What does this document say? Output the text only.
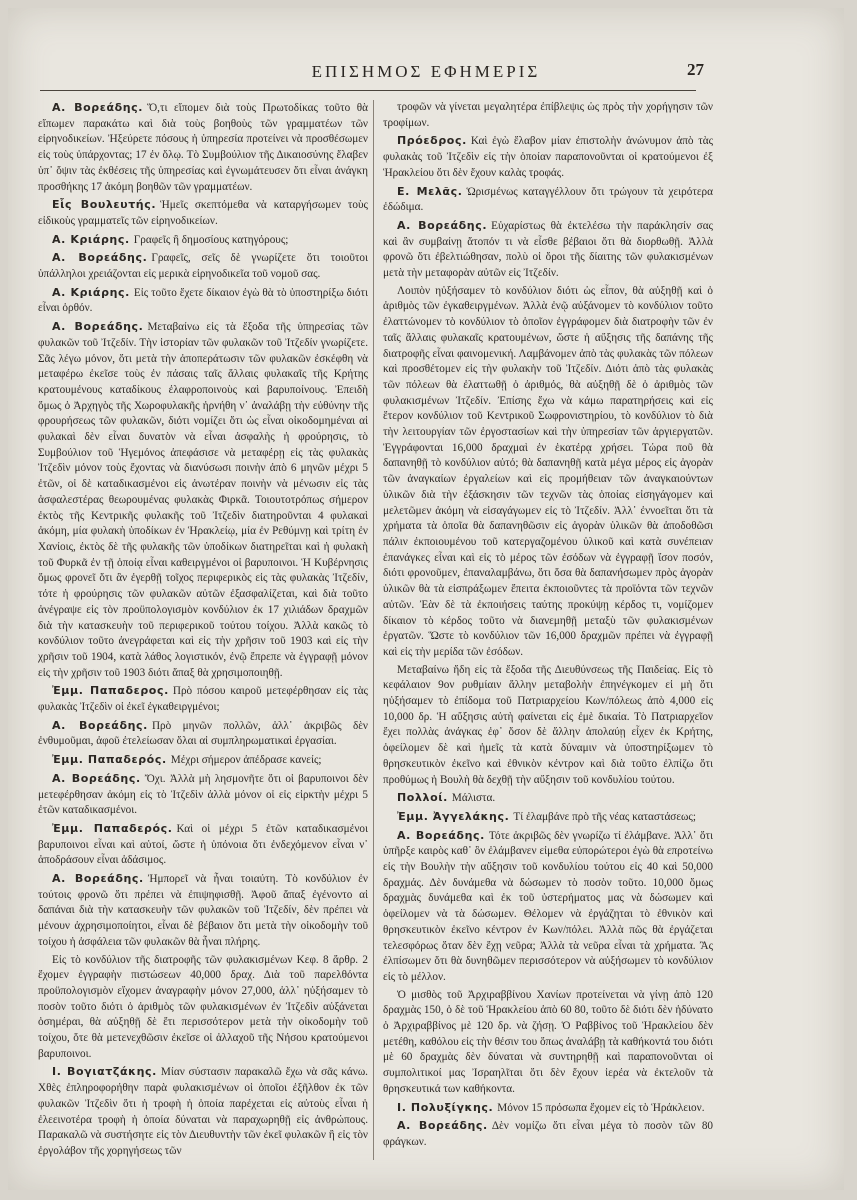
ΕΠΙΣΗΜΟΣ ΕΦΗΜΕΡΙΣ	27

Α. Βορεάδης. Ὅ,τι εἴπομεν διὰ τοὺς Πρωτοδίκας τοῦτο θὰ εἴπωμεν παρακάτω καὶ διὰ τοὺς βοηθοὺς τῶν γραμματέων τῶν εἰρηνοδικείων. Ἠξεύρετε πόσους ἡ ὑπηρεσία προτείνει νὰ προσθέσωμεν εἰς τοὺς ὑπάρχοντας; 17 ἐν ὅλῳ. Τὸ Συμβούλιον τῆς Δικαιοσύνης ἔλαβεν ὑπ᾽ ὄψιν τὰς ἐκθέσεις τῆς ὑπηρεσίας καὶ ἐγνωμάτευσεν ὅτι εἶναι ἀνάγκη προσθήκης 17 ἀκόμη βοηθῶν τῶν γραμματέων.

Εἷς Βουλευτής. Ἡμεῖς σκεπτόμεθα νὰ καταργήσωμεν τοὺς εἰδικοὺς γραμματεῖς τῶν εἰρηνοδικείων.

Α. Κριάρης. Γραφεῖς ἢ δημοσίους κατηγόρους;

Α. Βορεάδης. Γραφεῖς, σεῖς δὲ γνωρίζετε ὅτι τοιοῦτοι ὑπάλληλοι χρειάζονται εἰς μερικὰ εἰρηνοδικεῖα τοῦ νομοῦ σας.

Α. Κριάρης. Εἰς τοῦτο ἔχετε δίκαιον ἐγὼ θὰ τὸ ὑποστηρίξω διότι εἶναι ὀρθόν.

Α. Βορεάδης. Μεταβαίνω εἰς τὰ ἔξοδα τῆς ὑπηρεσίας τῶν φυλακῶν τοῦ Ἰτζεδίν. Τὴν ἱστορίαν τῶν φυλακῶν τοῦ Ἰτζεδίν γνωρίζετε. Σᾶς λέγω μόνον, ὅτι μετὰ τὴν ἀποπεράτωσιν τῶν φυλακῶν ἐσκέφθη νὰ μεταφέρω ἐκεῖσε τοὺς ἐν πάσαις ταῖς ἄλλαις φυλακαῖς τῆς Κρήτης κρατουμένους καταδίκους ἐλαφροποινοὺς καὶ βαρυποίνους. Ἐπειδὴ ὅμως ὁ Ἀρχηγὸς τῆς Χωροφυλακῆς ἠρνήθη ν᾽ ἀναλάβῃ τὴν εὐθύνην τῆς φρουρήσεως τῶν φυλακῶν, διότι νομίζει ὅτι ὡς εἶναι οἰκοδομημέναι αἱ φυλακαὶ δὲν εἶναι δυνατὸν νὰ εἶναι ἀσφαλὴς ἡ φρούρησις, τὸ Συμβούλιον τοῦ Ἡγεμόνος ἀπεφάσισε νὰ μεταφέρῃ εἰς τὰς φυλακὰς Ἰτζεδὶν μόνον τοὺς ἔχοντας νὰ διανύσωσι ποινὴν ἀπὸ 6 μηνῶν μέχρι 5 ἐτῶν, οἱ δὲ καταδικασμένοι εἰς ἀνωτέραν ποινὴν νὰ μένωσιν εἰς τὰς ἀσφαλεστέρας θεωρουμένας φυλακὰς Φιρκᾶ. Τοιουτοτρόπως σήμερον ἐκτὸς τῆς Κεντρικῆς φυλακῆς τοῦ Ἰτζεδὶν διατηροῦνται 4 φυλακαὶ ἀκόμη, μία φυλακὴ ὑποδίκων ἐν Ἡρακλείῳ, μία ἐν Ρεθύμνῃ καὶ τρίτη ἐν Χανίοις, ἐκτὸς δὲ τῆς φυλακῆς τῶν ὑποδίκων διατηρεῖται καὶ ἡ φυλακὴ τοῦ Φυρκᾶ ἐν τῇ ὁποίᾳ εἶναι καθειργμένοι οἱ βαρυποινοι. Ἡ Κυβέρνησις ὅμως φρονεῖ ὅτι ἂν ἐγερθῇ τοῖχος περιφερικὸς εἰς τὰς φυλακὰς Ἰτζεδίν, τότε ἡ φρούρησις τῶν φυλακῶν αὐτῶν ἐξασφαλίζεται, καὶ διὰ τοῦτο ἀνέγραψε εἰς τὸν προϋπολογισμὸν κονδύλιον ἐκ 17 χιλιάδων δραχμῶν διὰ τὴν κατασκευὴν τοῦ περιφερικοῦ τούτου τοίχου. Ἀλλὰ κακῶς τὸ κονδύλιον τοῦτο ἀνεγράφεται καὶ εἰς τὴν χρῆσιν τοῦ 1903 καὶ εἰς τὴν χρῆσιν τοῦ 1904, κατὰ λάθος λογιστικόν, ἐνῷ ἔπρεπε νὰ ἐγγραφῇ μόνον εἰς τὴν χρῆσιν τοῦ 1903 διότι ἅπαξ θὰ χρησιμοποιηθῇ.

Ἐμμ. Παπαδερος. Πρὸ πόσου καιροῦ μετεφέρθησαν εἰς τὰς φυλακὰς Ἰτζεδὶν οἱ ἐκεῖ ἐγκαθειργμένοι;

Α. Βορεάδης. Πρὸ μηνῶν πολλῶν, ἀλλ᾽ ἀκριβῶς δὲν ἐνθυμοῦμαι, ἀφοῦ ἐτελείωσαν ὅλαι αἱ συμπληρωματικαὶ ἐργασίαι.

Ἐμμ. Παπαδερός. Μέχρι σήμερον ἀπέδρασε κανείς;

Α. Βορεάδης. Ὄχι. Ἀλλὰ μὴ λησμονῆτε ὅτι οἱ βαρυποινοι δὲν μετεφέρθησαν ἀκόμη εἰς τὸ Ἰτζεδὶν ἀλλὰ μόνον οἱ εἰς εἱρκτὴν μέχρι 5 ἐτῶν καταδικασμένοι.

Ἐμμ. Παπαδερός. Καὶ οἱ μέχρι 5 ἐτῶν καταδικασμένοι βαρυποινοι εἶναι καὶ αὐτοί, ὥστε ἡ ὑπόνοια ὅτι ἐνδεχόμενον εἶναι ν᾽ ἀποδράσουν εἶναι ἀδάσιμος.

Α. Βορεάδης. Ἠμπορεῖ νὰ ἦναι τοιαύτη. Τὸ κονδύλιον ἐν τούτοις φρονῶ ὅτι πρέπει νὰ ἐπιψηφισθῇ. Ἀφοῦ ἅπαξ ἐγένοντο αἱ δαπάναι διὰ τὴν κατασκευὴν τῶν φυλακῶν τοῦ Ἰτζεδίν, δὲν πρέπει νὰ μένουν ἀχρησιμοποίητοι, εἶναι δὲ βέβαιον ὅτι μετὰ τὴν οἰκοδομὴν τοῦ τοίχου ἡ ἀσφάλεια τῶν φυλακῶν θὰ ἦναι πλήρης.

Εἰς τὸ κονδύλιον τῆς διατροφῆς τῶν φυλακισμένων Κεφ. 8 ἄρθρ. 2 ἔχομεν ἐγγραφὴν πιστώσεων 40,000 δραχ. Διὰ τοῦ παρελθόντα προϋπολογισμὸν εἴχομεν ἀναγραφὴν μόνον 27,000, ἀλλ᾽ ηὐξήσαμεν τὸ ποσὸν τοῦτο διότι ὁ ἀριθμὸς τῶν φυλακισμένων ἐν Ἰτζεδὶν αὐξάνεται ὁσημέραι, θὰ αὐξηθῇ δὲ ἔτι περισσότερον μετὰ τὴν οἰκοδομὴν τοῦ τοίχου, ὅτε θὰ μετενεχθῶσιν ἐκεῖσε οἱ ἀλλαχοῦ τῆς Νήσου κρατούμενοι βαρυποινοι.

Ι. Βογιατζάκης. Μίαν σύστασιν παρακαλῶ ἔχω νὰ σᾶς κάνω. Χθὲς ἐπληροφορήθην παρὰ φυλακισμένων οἱ ὁποῖοι ἐξῆλθον ἐκ τῶν φυλακῶν Ἰτζεδὶν ὅτι ἡ τροφὴ ἡ ὁποία παρέχεται εἰς αὐτοὺς εἶναι ἡ ἐλεεινοτέρα τροφὴ ἡ ὁποία δύναται νὰ παραχωρηθῇ εἰς ἀνθρώπους. Παρακαλῶ νὰ συστήσητε εἰς τὸν Διευθυντὴν τῶν ἐκεῖ φυλακῶν ἢ εἰς τὸν ἐργολάβον τῆς χορηγήσεως τῶν

τροφῶν νὰ γίνεται μεγαλητέρα ἐπίβλεψις ὡς πρὸς τὴν χορήγησιν τῶν τροφίμων.

Πρόεδρος. Καὶ ἐγὼ ἔλαβον μίαν ἐπιστολὴν ἀνώνυμον ἀπὸ τὰς φυλακὰς τοῦ Ἰτζεδὶν εἰς τὴν ὁποίαν παραπονοῦνται οἱ κρατούμενοι ἐξ Ἡρακλείου ὅτι δὲν ἔχουν καλὰς τροφάς.

Ε. Μελᾶς. Ὡρισμένως καταγγέλλουν ὅτι τρώγουν τὰ χειρότερα ἐδώδιμα.

Α. Βορεάδης. Εὐχαρίστως θὰ ἐκτελέσω τὴν παράκλησίν σας καὶ ἂν συμβαίνῃ ἄτοπόν τι νὰ εἶσθε βέβαιοι ὅτι θὰ διορθωθῇ. Ἀλλὰ φρονῶ ὅτι ἐβελτιώθησαν, πολὺ οἱ ὅροι τῆς δίαιτης τῶν φυλακισμένων μετὰ τὴν μεταφορὰν αὐτῶν εἰς Ἰτζεδίν.

Λοιπὸν ηὐξήσαμεν τὸ κονδύλιον διότι ὡς εἶπον, θὰ αὐξηθῇ καὶ ὁ ἀριθμὸς τῶν ἐγκαθειργμένων. Ἀλλὰ ἐνῷ αὐξάνομεν τὸ κονδύλιον τοῦτο ἐλαττώνομεν τὸ κονδύλιον τὸ ὁποῖον ἐγγράφομεν διὰ διατροφὴν τῶν ἐν ταῖς ἄλλαις φυλακαῖς κρατουμένων, ὥστε ἡ αὔξησις τῆς δαπάνης τῆς διατροφῆς εἶναι φαινομενική. Λαμβάνομεν ἀπὸ τὰς φυλακὰς τῶν πόλεων καὶ προσθέτομεν εἰς τὴν φυλακὴν τοῦ Ἰτζεδίν. Διότι ἀπὸ τὰς φυλακὰς τῶν πόλεων θὰ ἐλαττωθῇ ὁ ἀριθμός, θὰ αὐξηθῇ δὲ ὁ ἀριθμὸς τῶν φυλακισμένων Ἰτζεδίν. Ἐπίσης ἔχω νὰ κάμω παρατηρήσεις καὶ εἰς ἕτερον κονδύλιον τοῦ Κεντρικοῦ Σωφρονιστηρίου, τὸ κονδύλιον τὸ διὰ τὴν λειτουργίαν τῶν ἐργοστασίων καὶ τὴν ὑπηρεσίαν τῶν ἀργιεργατῶν. Ἐγγράφονται 16,000 δραχμαὶ ἐν ἑκατέρᾳ χρήσει. Τώρα ποῦ θὰ δαπανηθῇ τὸ κονδύλιον αὐτό; θὰ δαπανηθῇ κατὰ μέγα μέρος εἰς ἀγορὰν τῶν ἀναγκαίων ἐργαλείων καὶ εἰς προμήθειαν τῶν ἀναγκαιούντων ὑλικῶν διὰ τὴν ἐξάσκησιν τῶν τεχνῶν τὰς ὁποίας εἰσηγάγομεν καὶ μελετῶμεν ἀκόμη νὰ εἰσαγάγωμεν εἰς τὸ Ἰτζεδίν. Ἀλλ᾽ ἐννοεῖται ὅτι τὰ χρήματα τὰ ὁποῖα θὰ δαπανηθῶσιν εἰς ἀγορὰν ὑλικῶν θὰ ἀποδοθῶσι πάλιν ἐκποιουμένου τοῦ κατεργαζομένου ὑλικοῦ καὶ κατὰ συνέπειαν ἐπανάγκες εἶναι καὶ εἰς τὸ μέρος τῶν ἐσόδων νὰ ἐγγραφῇ ἴσον ποσόν, διότι φρονοῦμεν, ἐπαναλαμβάνω, ὅτι ὅσα θὰ δαπανήσωμεν πρὸς ἀγορὰν ὑλικῶν θὰ τὰ εἰσπράξωμεν ἔπειτα ἐκποιοῦντες τὰ προϊόντα τῶν τεχνῶν αὐτῶν. Ἐὰν δὲ τὰ ἐκποιήσεις ταύτης προκύψῃ κέρδος τι, νομίζομεν δίκαιον τὸ κέρδος τοῦτο νὰ διανεμηθῇ μεταξὺ τῶν φυλακισμένων ἐργατῶν. Ὥστε τὸ κονδύλιον τῶν 16,000 δραχμῶν πρέπει νὰ ἐγγραφῇ καὶ εἰς τὴν μερίδα τῶν ἐσόδων.

Μεταβαίνω ἤδη εἰς τὰ ἔξοδα τῆς Διευθύνσεως τῆς Παιδείας. Εἰς τὸ κεφάλαιον 9ον ρυθμίαιν ἄλλην μεταβολὴν ἐπηνέγκομεν εἰ μὴ ὅτι ηὐξήσαμεν τὸ ἐπίδομα τοῦ Πατριαρχείου Κων/πόλεως ἀπὸ 4,000 εἰς 10,000 δρ. Ἡ αὔξησις αὐτὴ φαίνεται εἰς ἐμὲ δικαία. Τὸ Πατριαρχεῖον ἔχει πολλὰς ἀνάγκας ἐφ᾽ ὅσον δὲ ἄλλην ἀπολαύῃ εἶχεν ἐκ Κρήτης, ὀφείλομεν δὲ καὶ ἡμεῖς τὰ κατὰ δύναμιν νὰ ὑποστηρίξωμεν τὸ θρησκευτικὸν ἐκεῖνο καὶ ἐθνικὸν κέντρον καὶ διὰ τοῦτο ἐλπίζω ὅτι προθύμως ἡ Βουλὴ θὰ δεχθῇ τὴν αὔξησιν τοῦ κονδυλίου τούτου.

Πολλοί. Μάλιστα.

Ἐμμ. Ἀγγελάκης. Τί ἐλαμβάνε πρὸ τῆς νέας καταστάσεως;

Α. Βορεάδης. Τότε ἀκριβῶς δὲν γνωρίζω τί ἐλάμβανε. Ἀλλ᾽ ὅτι ὑπῆρξε καιρὸς καθ᾽ ὃν ἐλάμβανεν εἰμεθα εὐπορώτεροι ἐγὼ θὰ επροτείνω εἰς τὴν Βουλὴν τὴν αὔξησιν τοῦ κονδυλίου τούτου εἰς 40 καὶ 50,000 δραχμάς. Δὲν δυνάμεθα νὰ δώσωμεν τὸ ποσὸν τοῦτο. 10,000 ὅμως δραχμὰς δυνάμεθα καὶ ἐκ τοῦ ὑστερήματος μας νὰ δώσωμεν καὶ ὀφείλομεν νὰ τὰ δώσωμεν. Θέλομεν νὰ ἐργάζηται τὸ ἐθνικὸν καὶ θρησκευτικὸν ἐκεῖνο κέντρον ἐν Κων/πόλει. Ἀλλὰ πῶς θὰ ἐργάζεται τελεσφόρως ὅταν δὲν ἔχῃ νεῦρα; Ἀλλὰ τὰ νεῦρα εἶναι τὰ χρήματα. Ἂς ἐλπίσωμεν ὅτι θὰ δυνηθῶμεν περισσότερον νὰ αὐξήσωμεν τὸ κονδύλιον εἰς τὸ μέλλον.

Ὁ μισθὸς τοῦ Ἀρχιραββίνου Χανίων προτείνεται νὰ γίνῃ ἀπὸ 120 δραχμὰς 150, ὁ δὲ τοῦ Ἡρακλείου ἀπὸ 60 80, τοῦτο δὲ διότι δὲν ἠδύνατο ὁ Ἀρχιραββίνος μὲ 120 δρ. νὰ ζήσῃ. Ὁ Ραββίνος τοῦ Ἡρακλείου δὲν μετέθη, καθόλου εἰς τὴν θέσιν του ὅπως ἀναλάβῃ τὰ καθήκοντά του διότι μὲ 60 δραχμὰς δὲν δύναται νὰ συντηρηθῇ καὶ παραπονοῦνται οἱ συμπολιτικοί μας Ἰσραηλῖται ὅτι δὲν ἔχουν ἱερέα νὰ ἐκτελοῦν τὰ θρησκευτικά των καθήκοντα.

Ι. Πολυξίγκης. Μόνον 15 πρόσωπα ἔχομεν εἰς τὸ Ἡράκλειον.

Α. Βορεάδης. Δὲν νομίζω ὅτι εἶναι μέγα τὸ ποσὸν τῶν 80 φράγκων.
